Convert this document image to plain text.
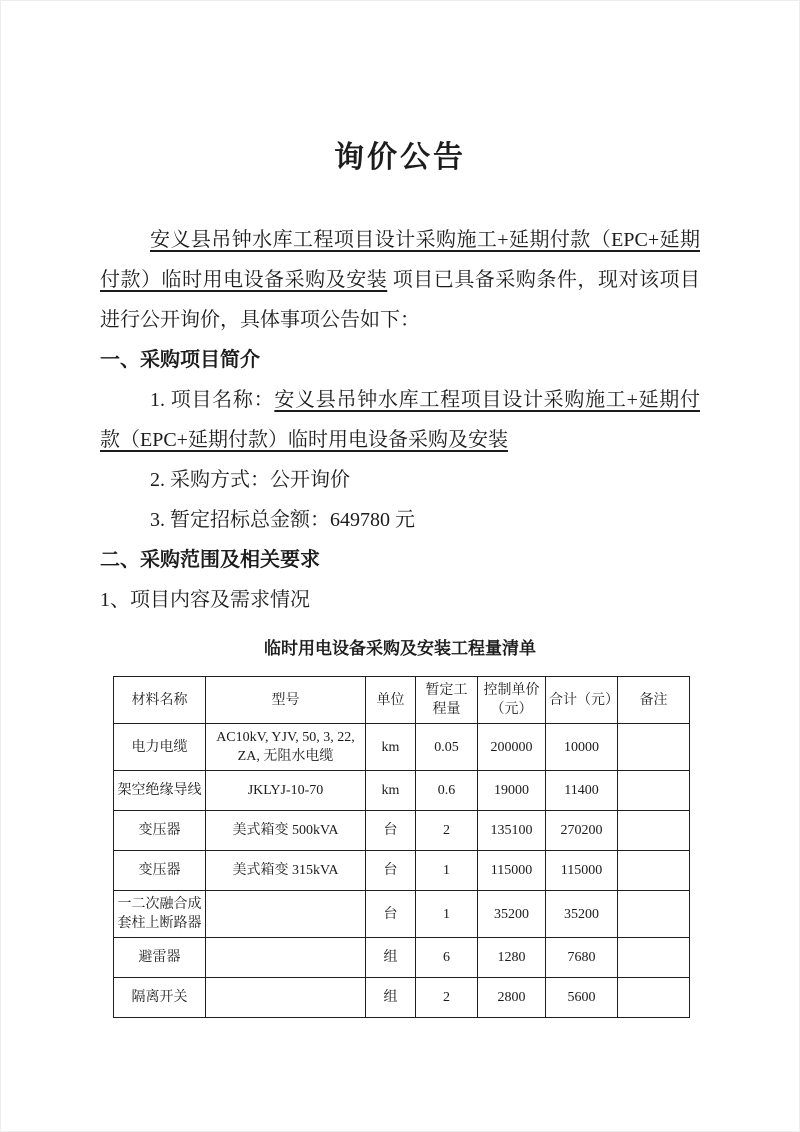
询价公告

安义县吊钟水库工程项目设计采购施工+延期付款（EPC+延期付款）临时用电设备采购及安装 项目已具备采购条件，现对该项目进行公开询价，具体事项公告如下：

一、采购项目简介

1. 项目名称：安义县吊钟水库工程项目设计采购施工+延期付款（EPC+延期付款）临时用电设备采购及安装

2. 采购方式：公开询价

3. 暂定招标总金额：649780 元

二、采购范围及相关要求

1、项目内容及需求情况

临时用电设备采购及安装工程量清单
材料名称	型号	单位	暂定工程量	控制单价（元）	合计（元）	备注
电力电缆	AC10kV, YJV, 50, 3, 22, ZA, 无阻水电缆	km	0.05	200000	10000	
架空绝缘导线	JKLYJ-10-70	km	0.6	19000	11400	
变压器	美式箱变 500kVA	台	2	135100	270200	
变压器	美式箱变 315kVA	台	1	115000	115000	
一二次融合成套柱上断路器		台	1	35200	35200	
避雷器		组	6	1280	7680	
隔离开关		组	2	2800	5600	
